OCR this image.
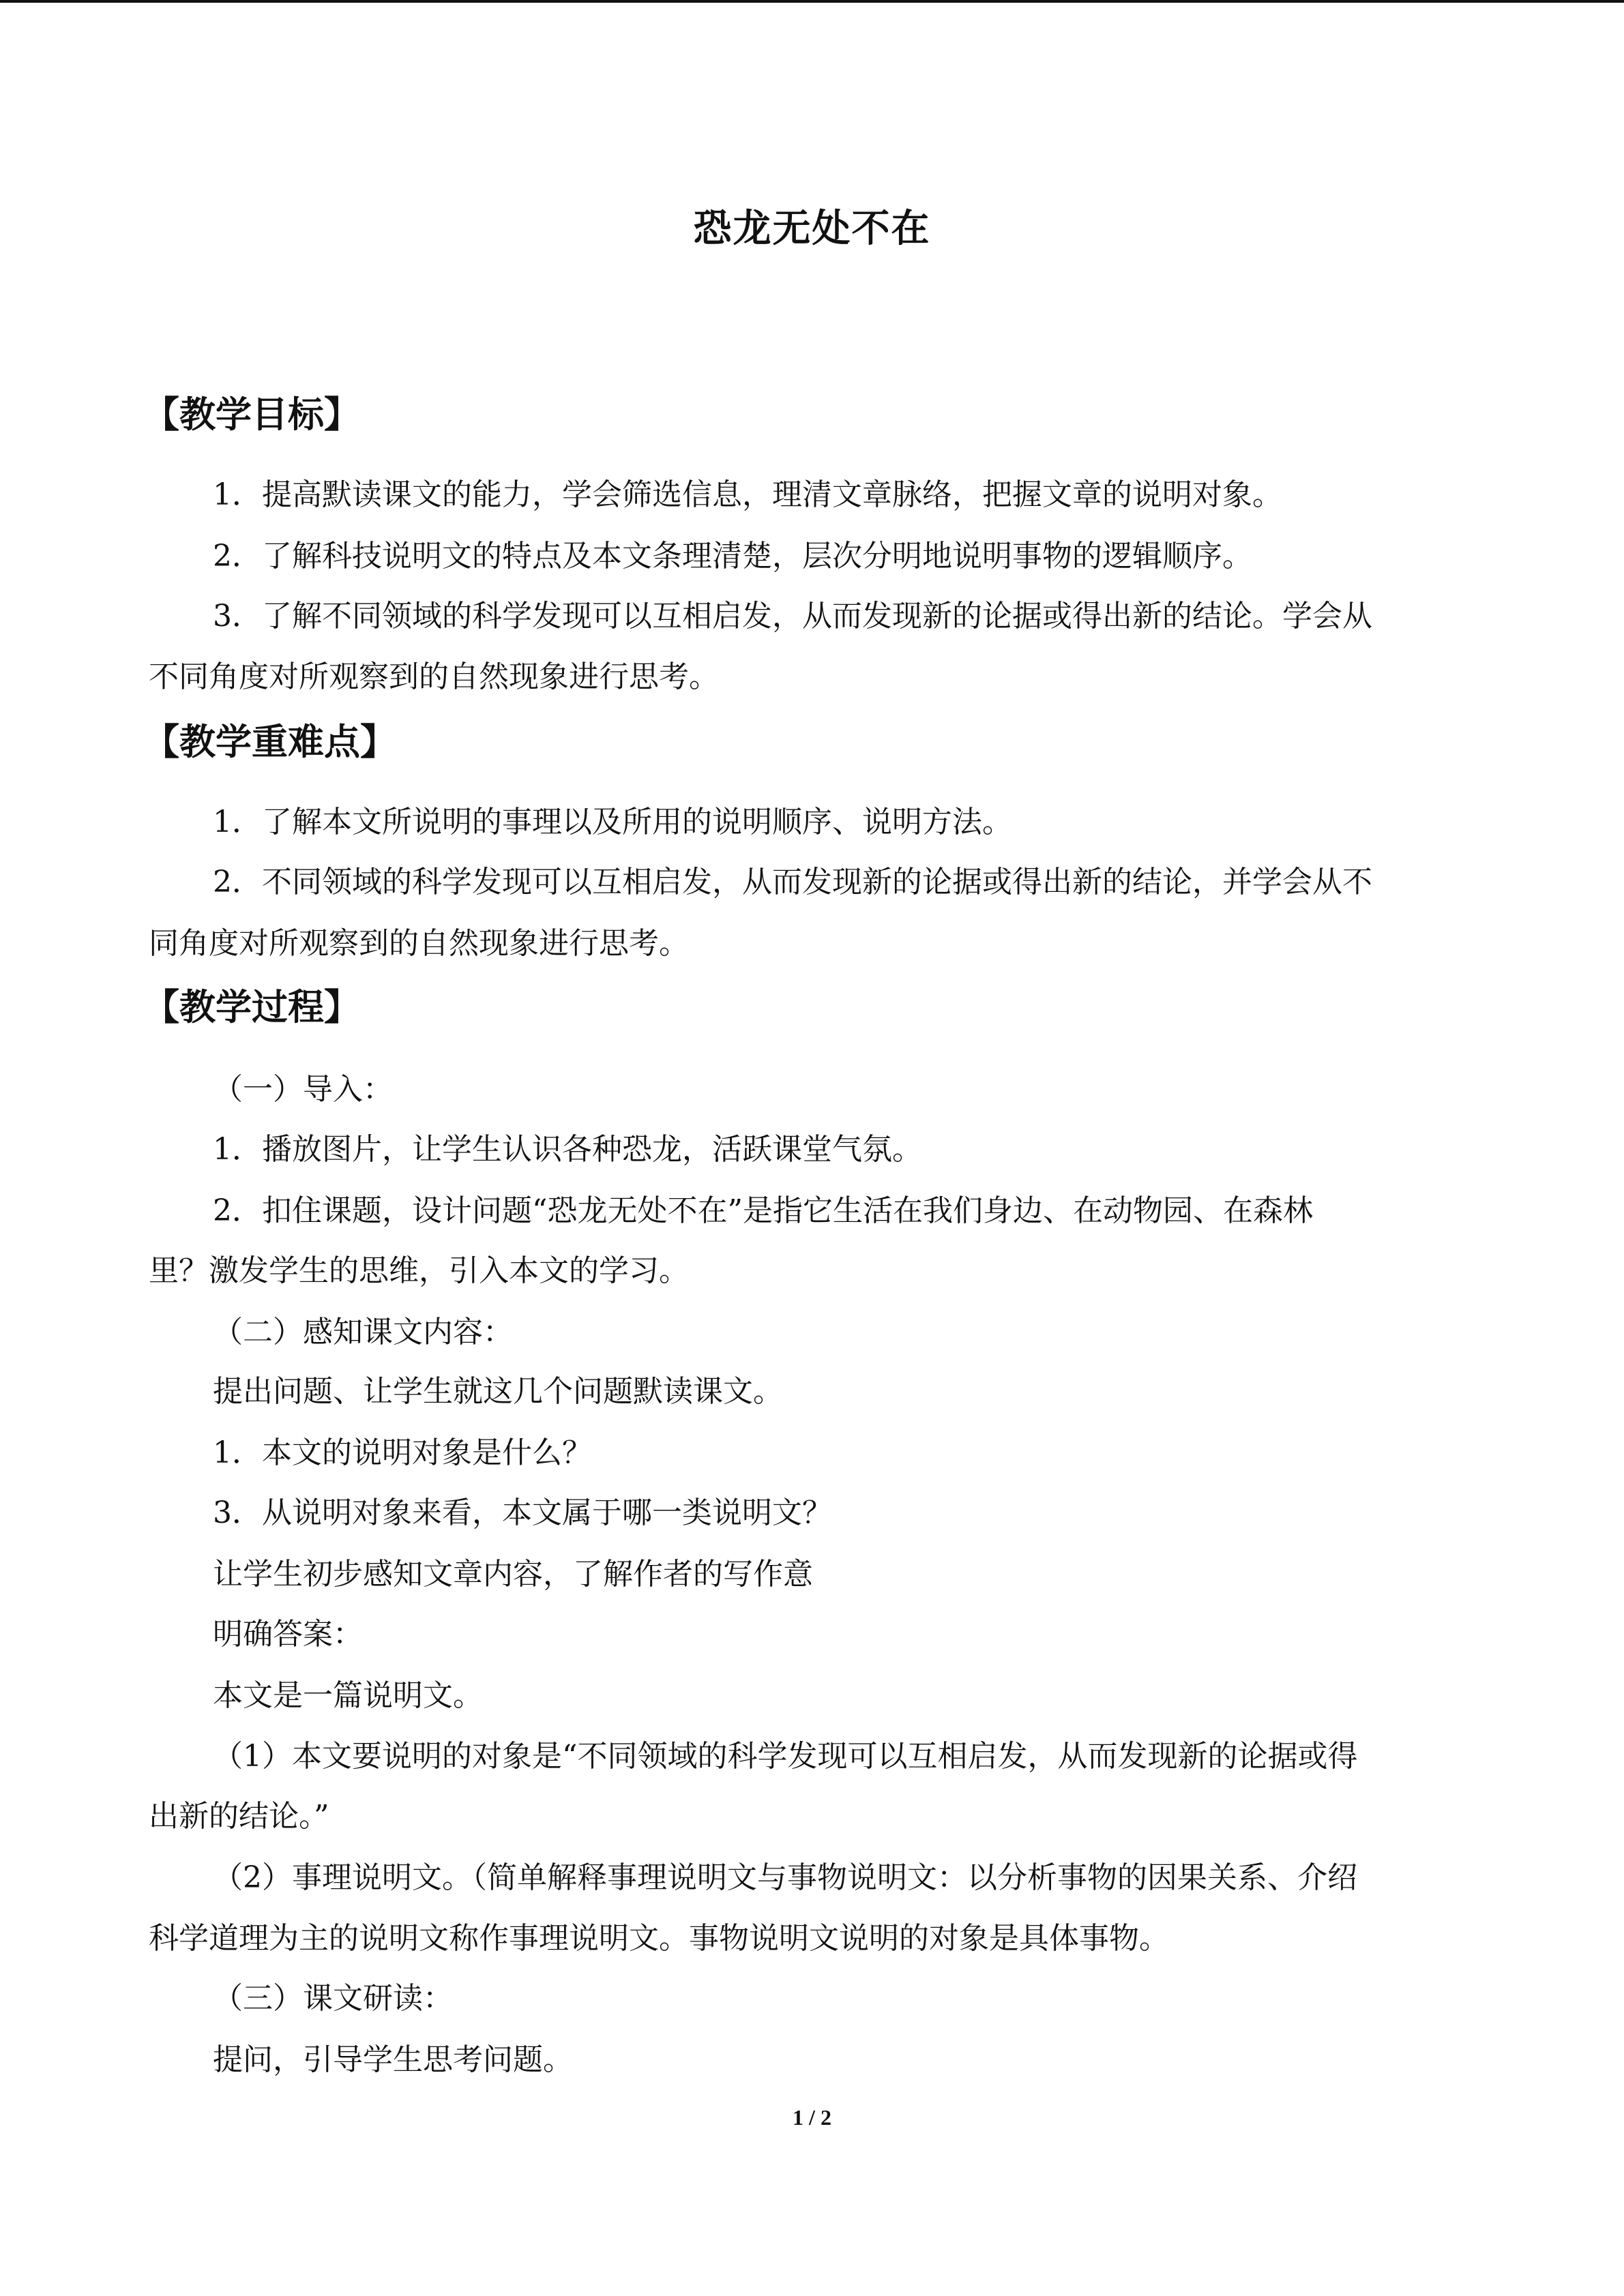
恐龙无处不在
【教学目标】
1．提高默读课文的能力，学会筛选信息，理清文章脉络，把握文章的说明对象。
2．了解科技说明文的特点及本文条理清楚，层次分明地说明事物的逻辑顺序。
3．了解不同领域的科学发现可以互相启发，从而发现新的论据或得出新的结论。学会从
不同角度对所观察到的自然现象进行思考。
【教学重难点】
1．了解本文所说明的事理以及所用的说明顺序、说明方法。
2．不同领域的科学发现可以互相启发，从而发现新的论据或得出新的结论，并学会从不
同角度对所观察到的自然现象进行思考。
【教学过程】
（一）导入：
1．播放图片，让学生认识各种恐龙，活跃课堂气氛。
2．扣住课题，设计问题“恐龙无处不在”是指它生活在我们身边、在动物园、在森林
里？激发学生的思维，引入本文的学习。
（二）感知课文内容：
提出问题、让学生就这几个问题默读课文。
1．本文的说明对象是什么？
3．从说明对象来看，本文属于哪一类说明文？
让学生初步感知文章内容，了解作者的写作意
明确答案：
本文是一篇说明文。
（1）本文要说明的对象是“不同领域的科学发现可以互相启发，从而发现新的论据或得
出新的结论。”
（2）事理说明文。（简单解释事理说明文与事物说明文：以分析事物的因果关系、介绍
科学道理为主的说明文称作事理说明文。事物说明文说明的对象是具体事物。
（三）课文研读：
提问，引导学生思考问题。
1 / 2
